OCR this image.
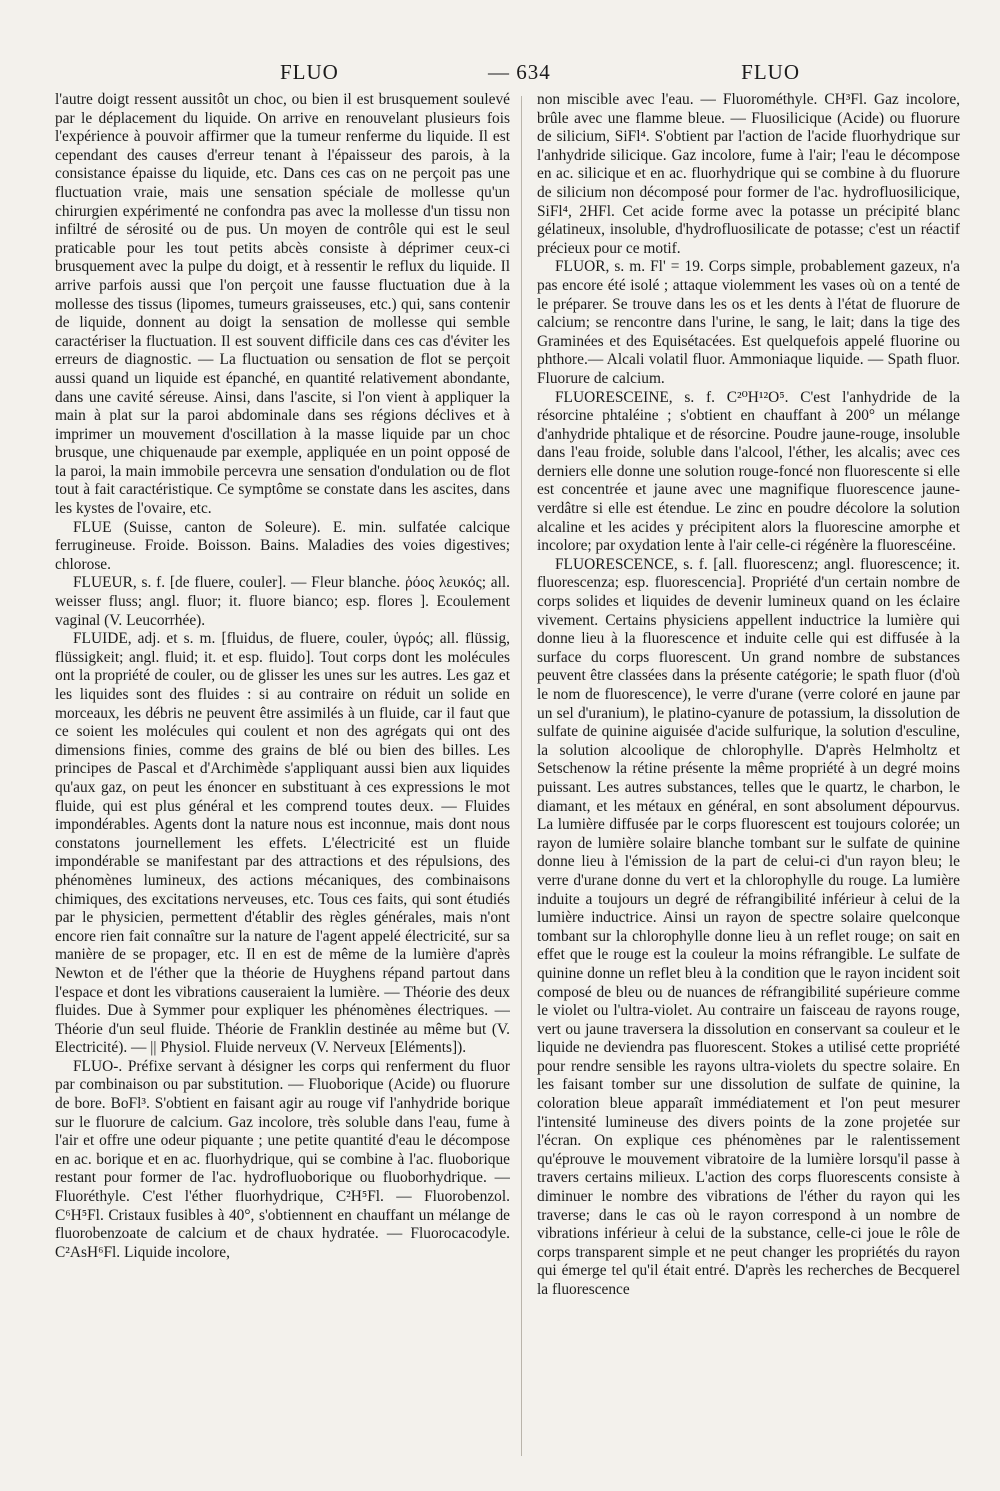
FLUO	— 634	FLUO

l'autre doigt ressent aussitôt un choc, ou bien il est brusquement soulevé par le déplacement du liquide. On arrive en renouvelant plusieurs fois l'expérience à pouvoir affirmer que la tumeur renferme du liquide. Il est cependant des causes d'erreur tenant à l'épaisseur des parois, à la consistance épaisse du liquide, etc. Dans ces cas on ne perçoit pas une fluctuation vraie, mais une sensation spéciale de mollesse qu'un chirurgien expérimenté ne confondra pas avec la mollesse d'un tissu non infiltré de sérosité ou de pus. Un moyen de contrôle qui est le seul praticable pour les tout petits abcès consiste à déprimer ceux-ci brusquement avec la pulpe du doigt, et à ressentir le reflux du liquide. Il arrive parfois aussi que l'on perçoit une fausse fluctuation due à la mollesse des tissus (lipomes, tumeurs graisseuses, etc.) qui, sans contenir de liquide, donnent au doigt la sensation de mollesse qui semble caractériser la fluctuation. Il est souvent difficile dans ces cas d'éviter les erreurs de diagnostic. — La fluctuation ou sensation de flot se perçoit aussi quand un liquide est épanché, en quantité relativement abondante, dans une cavité séreuse. Ainsi, dans l'ascite, si l'on vient à appliquer la main à plat sur la paroi abdominale dans ses régions déclives et à imprimer un mouvement d'oscillation à la masse liquide par un choc brusque, une chiquenaude par exemple, appliquée en un point opposé de la paroi, la main immobile percevra une sensation d'ondulation ou de flot tout à fait caractéristique. Ce symptôme se constate dans les ascites, dans les kystes de l'ovaire, etc.

FLUE (Suisse, canton de Soleure). E. min. sulfatée calcique ferrugineuse. Froide. Boisson. Bains. Maladies des voies digestives; chlorose.

FLUEUR, s. f. [de fluere, couler]. — Fleur blanche. ῥόος λευκός; all. weisser fluss; angl. fluor; it. fluore bianco; esp. flores ]. Ecoulement vaginal (V. Leucorrhée).

FLUIDE, adj. et s. m. [fluidus, de fluere, couler, ὑγρός; all. flüssig, flüssigkeit; angl. fluid; it. et esp. fluido]. Tout corps dont les molécules ont la propriété de couler, ou de glisser les unes sur les autres. Les gaz et les liquides sont des fluides : si au contraire on réduit un solide en morceaux, les débris ne peuvent être assimilés à un fluide, car il faut que ce soient les molécules qui coulent et non des agrégats qui ont des dimensions finies, comme des grains de blé ou bien des billes. Les principes de Pascal et d'Archimède s'appliquant aussi bien aux liquides qu'aux gaz, on peut les énoncer en substituant à ces expressions le mot fluide, qui est plus général et les comprend toutes deux. — Fluides impondérables. Agents dont la nature nous est inconnue, mais dont nous constatons journellement les effets. L'électricité est un fluide impondérable se manifestant par des attractions et des répulsions, des phénomènes lumineux, des actions mécaniques, des combinaisons chimiques, des excitations nerveuses, etc. Tous ces faits, qui sont étudiés par le physicien, permettent d'établir des règles générales, mais n'ont encore rien fait connaître sur la nature de l'agent appelé électricité, sur sa manière de se propager, etc. Il en est de même de la lumière d'après Newton et de l'éther que la théorie de Huyghens répand partout dans l'espace et dont les vibrations causeraient la lumière. — Théorie des deux fluides. Due à Symmer pour expliquer les phénomènes électriques. — Théorie d'un seul fluide. Théorie de Franklin destinée au même but (V. Electricité). — || Physiol. Fluide nerveux (V. Nerveux [Eléments]).

FLUO-. Préfixe servant à désigner les corps qui renferment du fluor par combinaison ou par substitution. — Fluoborique (Acide) ou fluorure de bore. BoFl³. S'obtient en faisant agir au rouge vif l'anhydride borique sur le fluorure de calcium. Gaz incolore, très soluble dans l'eau, fume à l'air et offre une odeur piquante ; une petite quantité d'eau le décompose en ac. borique et en ac. fluorhydrique, qui se combine à l'ac. fluoborique restant pour former de l'ac. hydrofluoborique ou fluoborhydrique. — Fluoréthyle. C'est l'éther fluorhydrique, C²H⁵Fl. — Fluorobenzol. C⁶H⁵Fl. Cristaux fusibles à 40°, s'obtiennent en chauffant un mélange de fluorobenzoate de calcium et de chaux hydratée. — Fluorocacodyle. C²AsH⁶Fl. Liquide incolore,

non miscible avec l'eau. — Fluorométhyle. CH³Fl. Gaz incolore, brûle avec une flamme bleue. — Fluosilicique (Acide) ou fluorure de silicium, SiFl⁴. S'obtient par l'action de l'acide fluorhydrique sur l'anhydride silicique. Gaz incolore, fume à l'air; l'eau le décompose en ac. silicique et en ac. fluorhydrique qui se combine à du fluorure de silicium non décomposé pour former de l'ac. hydrofluosilicique, SiFl⁴, 2HFl. Cet acide forme avec la potasse un précipité blanc gélatineux, insoluble, d'hydrofluosilicate de potasse; c'est un réactif précieux pour ce motif.

FLUOR, s. m. Fl' = 19. Corps simple, probablement gazeux, n'a pas encore été isolé ; attaque violemment les vases où on a tenté de le préparer. Se trouve dans les os et les dents à l'état de fluorure de calcium; se rencontre dans l'urine, le sang, le lait; dans la tige des Graminées et des Equisétacées. Est quelquefois appelé fluorine ou phthore.— Alcali volatil fluor. Ammoniaque liquide. — Spath fluor. Fluorure de calcium.

FLUORESCEINE, s. f. C²⁰H¹²O⁵. C'est l'anhydride de la résorcine phtaléine ; s'obtient en chauffant à 200° un mélange d'anhydride phtalique et de résorcine. Poudre jaune-rouge, insoluble dans l'eau froide, soluble dans l'alcool, l'éther, les alcalis; avec ces derniers elle donne une solution rouge-foncé non fluorescente si elle est concentrée et jaune avec une magnifique fluorescence jaune-verdâtre si elle est étendue. Le zinc en poudre décolore la solution alcaline et les acides y précipitent alors la fluorescine amorphe et incolore; par oxydation lente à l'air celle-ci régénère la fluorescéine.

FLUORESCENCE, s. f. [all. fluorescenz; angl. fluorescence; it. fluorescenza; esp. fluorescencia]. Propriété d'un certain nombre de corps solides et liquides de devenir lumineux quand on les éclaire vivement. Certains physiciens appellent inductrice la lumière qui donne lieu à la fluorescence et induite celle qui est diffusée à la surface du corps fluorescent. Un grand nombre de substances peuvent être classées dans la présente catégorie; le spath fluor (d'où le nom de fluorescence), le verre d'urane (verre coloré en jaune par un sel d'uranium), le platino-cyanure de potassium, la dissolution de sulfate de quinine aiguisée d'acide sulfurique, la solution d'esculine, la solution alcoolique de chlorophylle. D'après Helmholtz et Setschenow la rétine présente la même propriété à un degré moins puissant. Les autres substances, telles que le quartz, le charbon, le diamant, et les métaux en général, en sont absolument dépourvus. La lumière diffusée par le corps fluorescent est toujours colorée; un rayon de lumière solaire blanche tombant sur le sulfate de quinine donne lieu à l'émission de la part de celui-ci d'un rayon bleu; le verre d'urane donne du vert et la chlorophylle du rouge. La lumière induite a toujours un degré de réfrangibilité inférieur à celui de la lumière inductrice. Ainsi un rayon de spectre solaire quelconque tombant sur la chlorophylle donne lieu à un reflet rouge; on sait en effet que le rouge est la couleur la moins réfrangible. Le sulfate de quinine donne un reflet bleu à la condition que le rayon incident soit composé de bleu ou de nuances de réfrangibilité supérieure comme le violet ou l'ultra-violet. Au contraire un faisceau de rayons rouge, vert ou jaune traversera la dissolution en conservant sa couleur et le liquide ne deviendra pas fluorescent. Stokes a utilisé cette propriété pour rendre sensible les rayons ultra-violets du spectre solaire. En les faisant tomber sur une dissolution de sulfate de quinine, la coloration bleue apparaît immédiatement et l'on peut mesurer l'intensité lumineuse des divers points de la zone projetée sur l'écran. On explique ces phénomènes par le ralentissement qu'éprouve le mouvement vibratoire de la lumière lorsqu'il passe à travers certains milieux. L'action des corps fluorescents consiste à diminuer le nombre des vibrations de l'éther du rayon qui les traverse; dans le cas où le rayon correspond à un nombre de vibrations inférieur à celui de la substance, celle-ci joue le rôle de corps transparent simple et ne peut changer les propriétés du rayon qui émerge tel qu'il était entré. D'après les recherches de Becquerel la fluorescence
